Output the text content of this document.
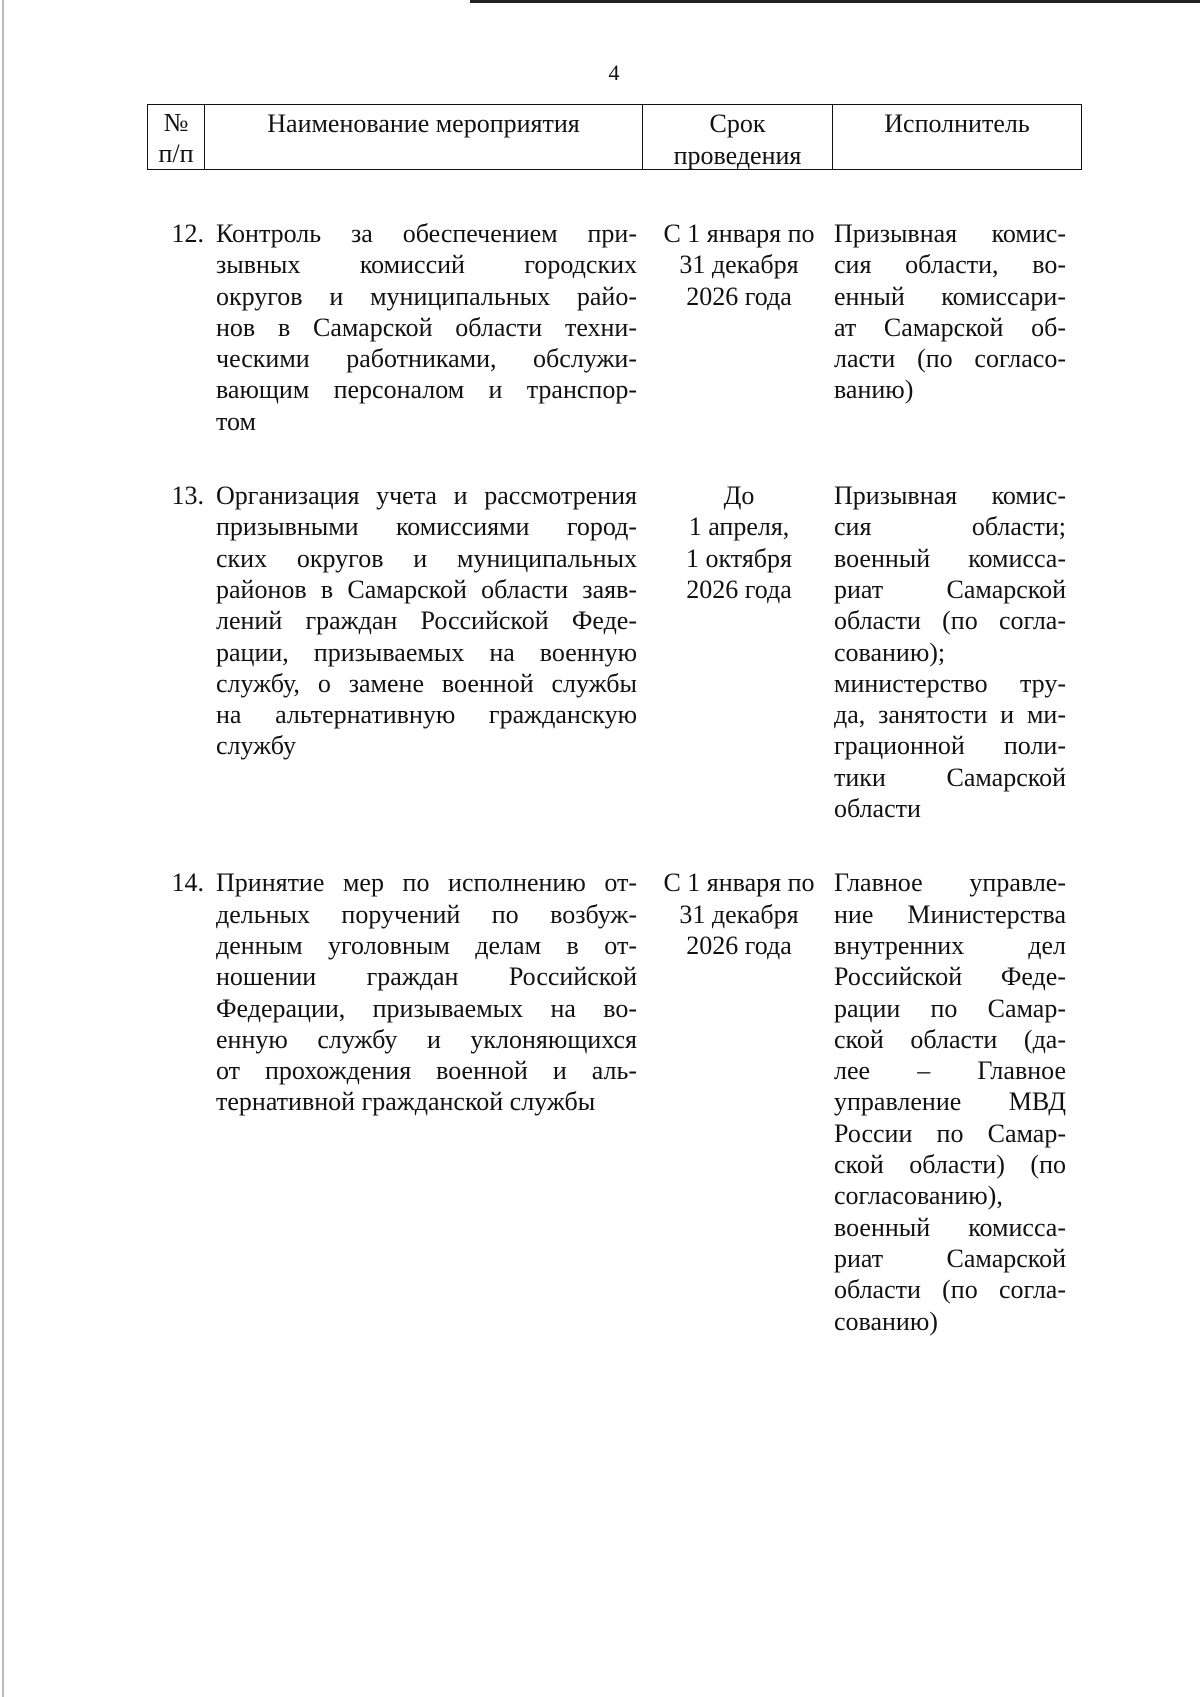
4
№
п/п
Наименование мероприятия	Срок
проведения
Исполнитель
12. Контроль за обеспечением при-
зывных комиссий городских
округов и муниципальных райо-
нов в Самарской области техни-
ческими работниками, обслужи-
вающим персоналом и транспор-
том
С 1 января по
31 декабря
2026 года
Призывная комис-
сия области, во-
енный комиссари-
ат Самарской об-
ласти (по согласо-
ванию)
13. Организация учета и рассмотрения
призывными комиссиями город-
ских округов и муниципальных
районов в Самарской области заяв-
лений граждан Российской Феде-
рации, призываемых на военную
службу, о замене военной службы
на альтернативную гражданскую
службу
До
1 апреля,
1 октября
2026 года
Призывная комис-
сия области;
военный комисса-
риат Самарской
области (по согла-
сованию);
министерство тру-
да, занятости и ми-
грационной поли-
тики Самарской
области
14. Принятие мер по исполнению от-
дельных поручений по возбуж-
денным уголовным делам в от-
ношении граждан Российской
Федерации, призываемых на во-
енную службу и уклоняющихся
от прохождения военной и аль-
тернативной гражданской службы
С 1 января по
31 декабря
2026 года
Главное управле-
ние Министерства
внутренних дел
Российской Феде-
рации по Самар-
ской области (да-
лее – Главное
управление МВД
России по Самар-
ской области) (по
согласованию),
военный комисса-
риат Самарской
области (по согла-
сованию)
